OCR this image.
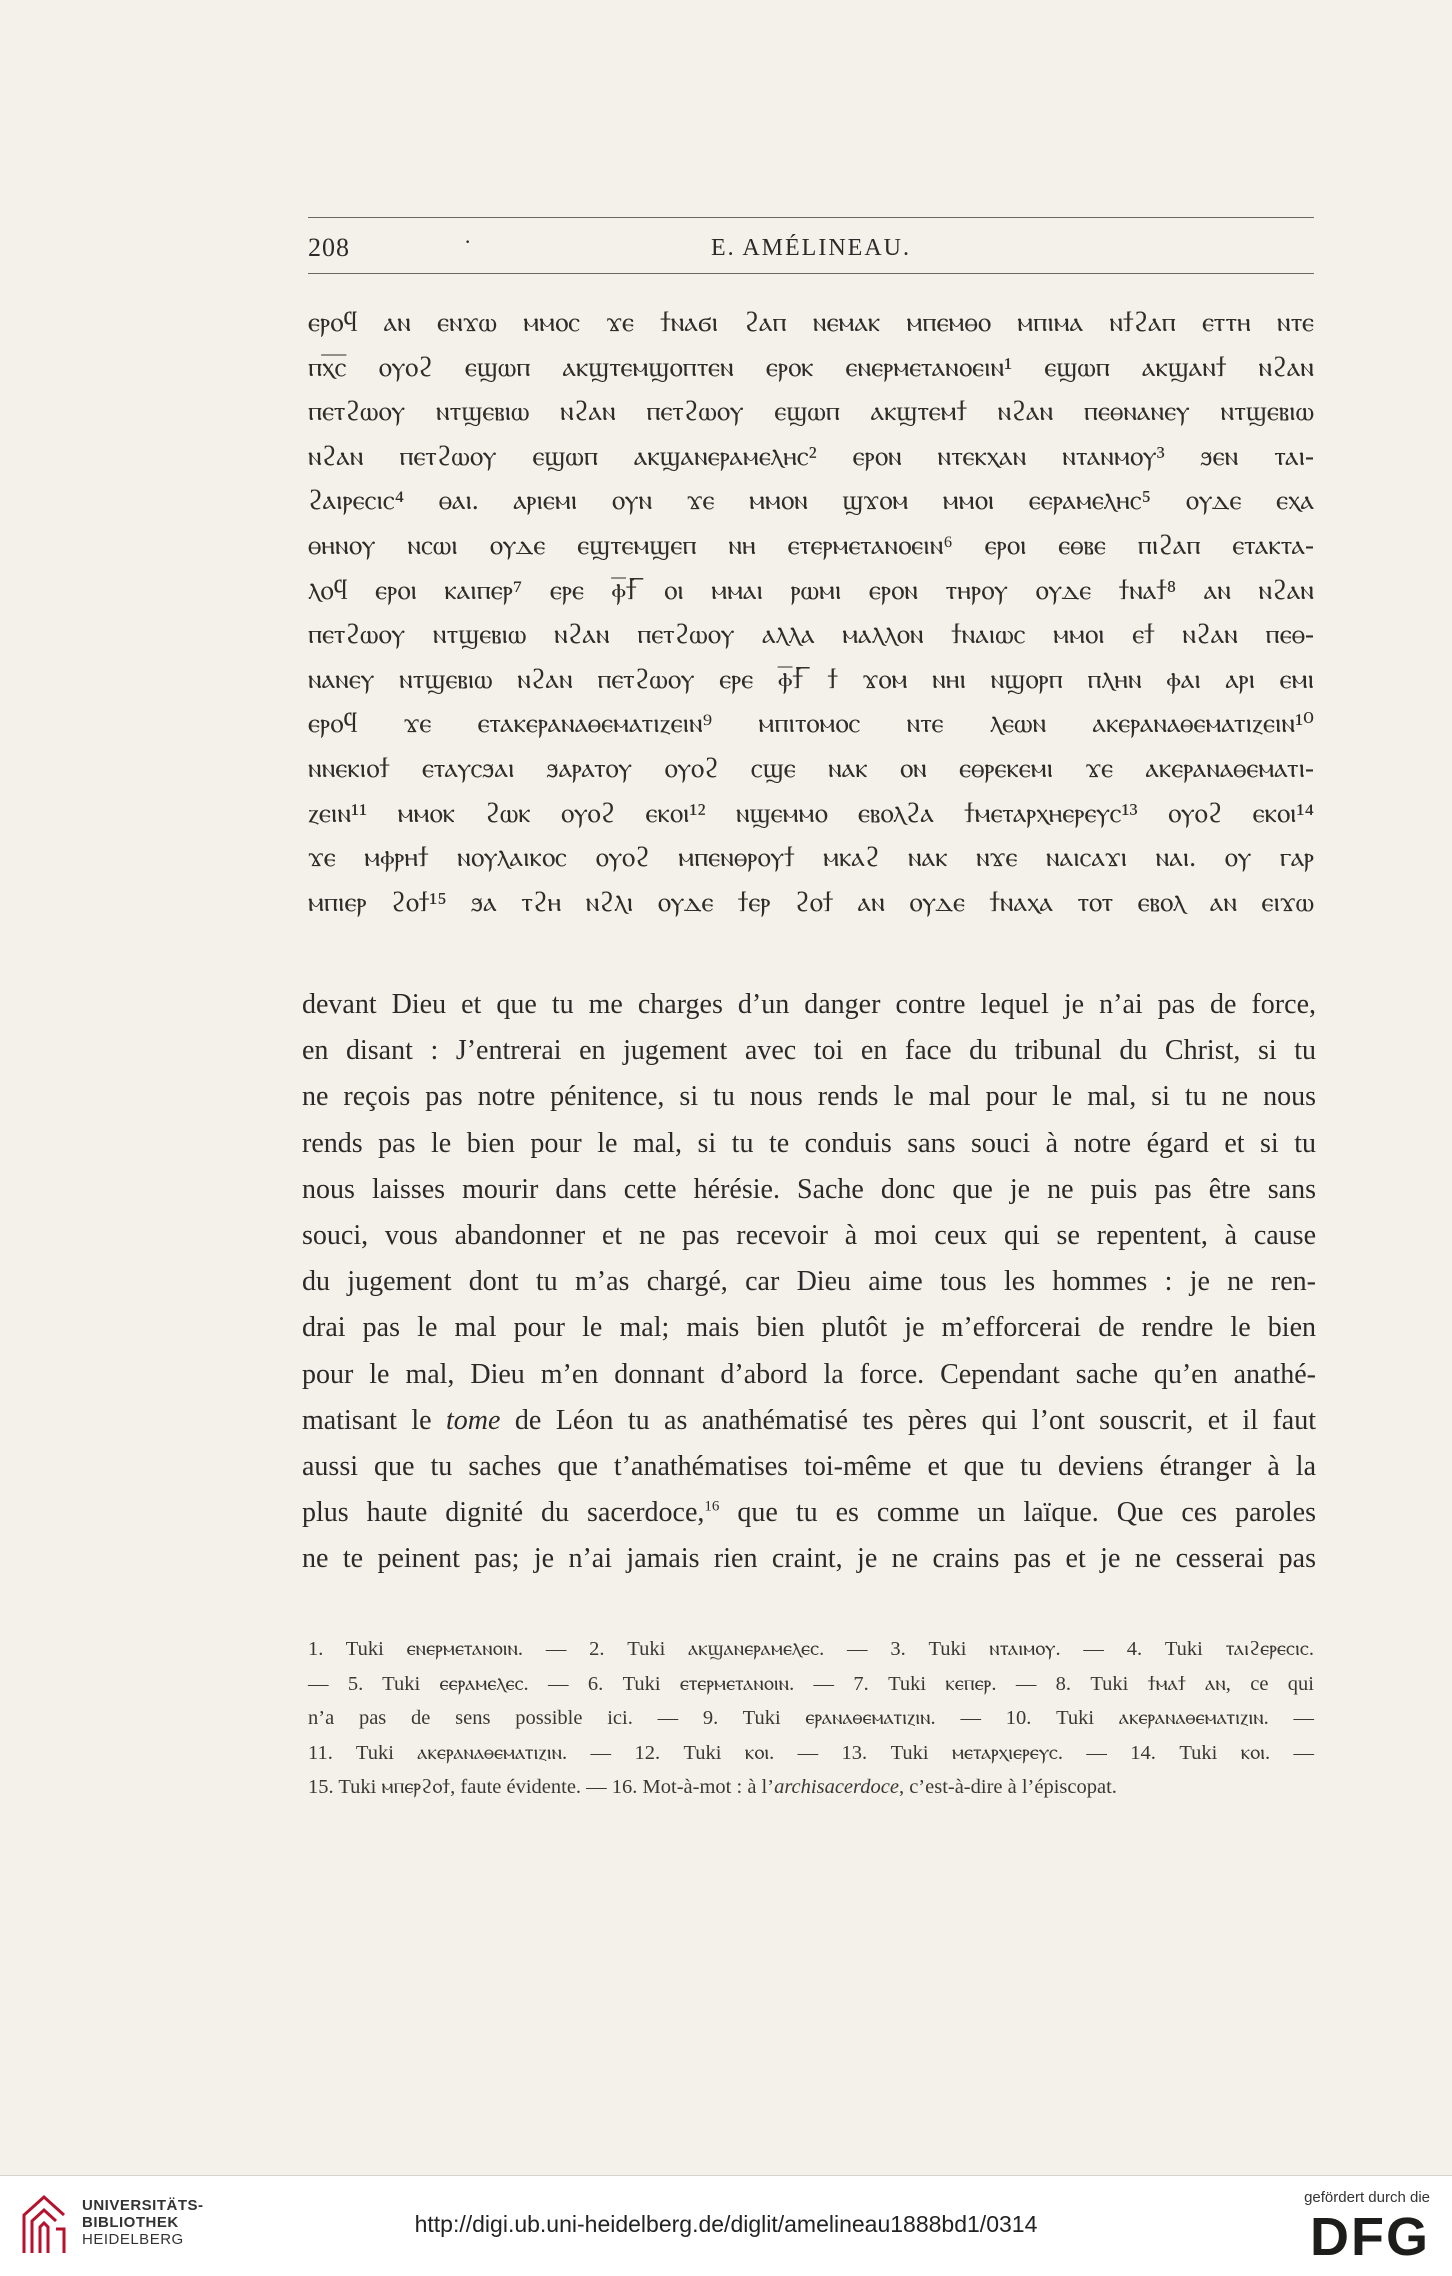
208	·	E. AMÉLINEAU.
ⲉⲣⲟϥ ⲁⲛ ⲉⲛϫⲱ ⲙⲙⲟⲥ ϫⲉ ϯⲛⲁϭⲓ ϩⲁⲡ ⲛⲉⲙⲁⲕ ⲙⲡⲉⲙⲑⲟ ⲙⲡⲓⲙⲁ ⲛϯϩⲁⲡ ⲉⲧⲧⲏ ⲛⲧⲉ
ⲡⲭ̅ⲥ̅ ⲟⲩⲟϩ ⲉϣⲱⲡ ⲁⲕϣⲧⲉⲙϣⲟⲡⲧⲉⲛ ⲉⲣⲟⲕ ⲉⲛⲉⲣⲙⲉⲧⲁⲛⲟⲉⲓⲛ¹ ⲉϣⲱⲡ ⲁⲕϣⲁⲛϯ ⲛϩⲁⲛ
ⲡⲉⲧϩⲱⲟⲩ ⲛⲧϣⲉⲃⲓⲱ ⲛϩⲁⲛ ⲡⲉⲧϩⲱⲟⲩ ⲉϣⲱⲡ ⲁⲕϣⲧⲉⲙϯ ⲛϩⲁⲛ ⲡⲉⲑⲛⲁⲛⲉⲩ ⲛⲧϣⲉⲃⲓⲱ
ⲛϩⲁⲛ ⲡⲉⲧϩⲱⲟⲩ ⲉϣⲱⲡ ⲁⲕϣⲁⲛⲉⲣⲁⲙⲉⲗⲏⲥ² ⲉⲣⲟⲛ ⲛⲧⲉⲕⲭⲁⲛ ⲛⲧⲁⲛⲙⲟⲩ³ ϧⲉⲛ ⲧⲁⲓ-
ϩⲁⲓⲣⲉⲥⲓⲥ⁴ ⲑⲁⲓ. ⲁⲣⲓⲉⲙⲓ ⲟⲩⲛ ϫⲉ ⲙⲙⲟⲛ ϣϫⲟⲙ ⲙⲙⲟⲓ ⲉⲉⲣⲁⲙⲉⲗⲏⲥ⁵ ⲟⲩⲇⲉ ⲉⲭⲁ
ⲑⲏⲛⲟⲩ ⲛⲥⲱⲓ ⲟⲩⲇⲉ ⲉϣⲧⲉⲙϣⲉⲡ ⲛⲏ ⲉⲧⲉⲣⲙⲉⲧⲁⲛⲟⲉⲓⲛ⁶ ⲉⲣⲟⲓ ⲉⲑⲃⲉ ⲡⲓϩⲁⲡ ⲉⲧⲁⲕⲧⲁ-
ⲗⲟϥ ⲉⲣⲟⲓ ⲕⲁⲓⲡⲉⲣ⁷ ⲉⲣⲉ ⲫ̅ϯ̅ ⲟⲓ ⲙⲙⲁⲓ ⲣⲱⲙⲓ ⲉⲣⲟⲛ ⲧⲏⲣⲟⲩ ⲟⲩⲇⲉ ϯⲛⲁϯ⁸ ⲁⲛ ⲛϩⲁⲛ
ⲡⲉⲧϩⲱⲟⲩ ⲛⲧϣⲉⲃⲓⲱ ⲛϩⲁⲛ ⲡⲉⲧϩⲱⲟⲩ ⲁⲗⲗⲁ ⲙⲁⲗⲗⲟⲛ ϯⲛⲁⲓⲱⲥ ⲙⲙⲟⲓ ⲉϯ ⲛϩⲁⲛ ⲡⲉⲑ-
ⲛⲁⲛⲉⲩ ⲛⲧϣⲉⲃⲓⲱ ⲛϩⲁⲛ ⲡⲉⲧϩⲱⲟⲩ ⲉⲣⲉ ⲫ̅ϯ̅ ϯ ϫⲟⲙ ⲛⲏⲓ ⲛϣⲟⲣⲡ ⲡⲗⲏⲛ ⲫⲁⲓ ⲁⲣⲓ ⲉⲙⲓ
ⲉⲣⲟϥ ϫⲉ ⲉⲧⲁⲕⲉⲣⲁⲛⲁⲑⲉⲙⲁⲧⲓⲍⲉⲓⲛ⁹ ⲙⲡⲓⲧⲟⲙⲟⲥ ⲛⲧⲉ ⲗⲉⲱⲛ ⲁⲕⲉⲣⲁⲛⲁⲑⲉⲙⲁⲧⲓⲍⲉⲓⲛ¹⁰
ⲛⲛⲉⲕⲓⲟϯ ⲉⲧⲁⲩⲥϧⲁⲓ ϧⲁⲣⲁⲧⲟⲩ ⲟⲩⲟϩ ⲥϣⲉ ⲛⲁⲕ ⲟⲛ ⲉⲑⲣⲉⲕⲉⲙⲓ ϫⲉ ⲁⲕⲉⲣⲁⲛⲁⲑⲉⲙⲁⲧⲓ-
ⲍⲉⲓⲛ¹¹ ⲙⲙⲟⲕ ϩⲱⲕ ⲟⲩⲟϩ ⲉⲕⲟⲓ¹² ⲛϣⲉⲙⲙⲟ ⲉⲃⲟⲗϩⲁ ϯⲙⲉⲧⲁⲣⲭⲏⲉⲣⲉⲩⲥ¹³ ⲟⲩⲟϩ ⲉⲕⲟⲓ¹⁴
ϫⲉ ⲙⲫⲣⲏϯ ⲛⲟⲩⲗⲁⲓⲕⲟⲥ ⲟⲩⲟϩ ⲙⲡⲉⲛⲑⲣⲟⲩϯ ⲙⲕⲁϩ ⲛⲁⲕ ⲛϫⲉ ⲛⲁⲓⲥⲁϫⲓ ⲛⲁⲓ. ⲟⲩ ⲅⲁⲣ
ⲙⲡⲓⲉⲣ ϩⲟϯ¹⁵ ϧⲁ ⲧϩⲏ ⲛϩⲗⲓ ⲟⲩⲇⲉ ϯⲉⲣ ϩⲟϯ ⲁⲛ ⲟⲩⲇⲉ ϯⲛⲁⲭⲁ ⲧⲟⲧ ⲉⲃⲟⲗ ⲁⲛ ⲉⲓϫⲱ
devant Dieu et que tu me charges d’un danger contre lequel je n’ai pas de force,
en disant : J’entrerai en jugement avec toi en face du tribunal du Christ, si tu
ne reçois pas notre pénitence, si tu nous rends le mal pour le mal, si tu ne nous
rends pas le bien pour le mal, si tu te conduis sans souci à notre égard et si tu
nous laisses mourir dans cette hérésie. Sache donc que je ne puis pas être sans
souci, vous abandonner et ne pas recevoir à moi ceux qui se repentent, à cause
du jugement dont tu m’as chargé, car Dieu aime tous les hommes : je ne ren-
drai pas le mal pour le mal; mais bien plutôt je m’efforcerai de rendre le bien
pour le mal, Dieu m’en donnant d’abord la force. Cependant sache qu’en anathé-
matisant le tome de Léon tu as anathématisé tes pères qui l’ont souscrit, et il faut
aussi que tu saches que t’anathématises toi-même et que tu deviens étranger à la
plus haute dignité du sacerdoce,$^{16}$ que tu es comme un laïque. Que ces paroles
ne te peinent pas; je n’ai jamais rien craint, je ne crains pas et je ne cesserai pas
1. Tuki ⲉⲛⲉⲣⲙⲉⲧⲁⲛⲟⲓⲛ. — 2. Tuki ⲁⲕϣⲁⲛⲉⲣⲁⲙⲉⲗⲉⲥ. — 3. Tuki ⲛⲧⲁⲓⲙⲟⲩ. — 4. Tuki ⲧⲁⲓϩⲉⲣⲉⲥⲓⲥ.
— 5. Tuki ⲉⲉⲣⲁⲙⲉⲗⲉⲥ. — 6. Tuki ⲉⲧⲉⲣⲙⲉⲧⲁⲛⲟⲓⲛ. — 7. Tuki ⲕⲉⲡⲉⲣ. — 8. Tuki ϯⲙⲁϯ ⲁⲛ, ce qui
n’a pas de sens possible ici. — 9. Tuki ⲉⲣⲁⲛⲁⲑⲉⲙⲁⲧⲓⲍⲓⲛ. — 10. Tuki ⲁⲕⲉⲣⲁⲛⲁⲑⲉⲙⲁⲧⲓⲍⲓⲛ. —
11. Tuki ⲁⲕⲉⲣⲁⲛⲁⲑⲉⲙⲁⲧⲓⲍⲓⲛ. — 12. Tuki ⲕⲟⲓ. — 13. Tuki ⲙⲉⲧⲁⲣⲭⲓⲉⲣⲉⲩⲥ. — 14. Tuki ⲕⲟⲓ. —
15. Tuki ⲙⲡⲉⲣϩⲟϯ, faute évidente. — 16. Mot-à-mot : à l’archisacerdoce, c’est-à-dire à l’épiscopat.
UNIVERSITÄTS-
BIBLIOTHEK
HEIDELBERG
http://digi.ub.uni-heidelberg.de/diglit/amelineau1888bd1/0314
gefördert durch die
DFG
